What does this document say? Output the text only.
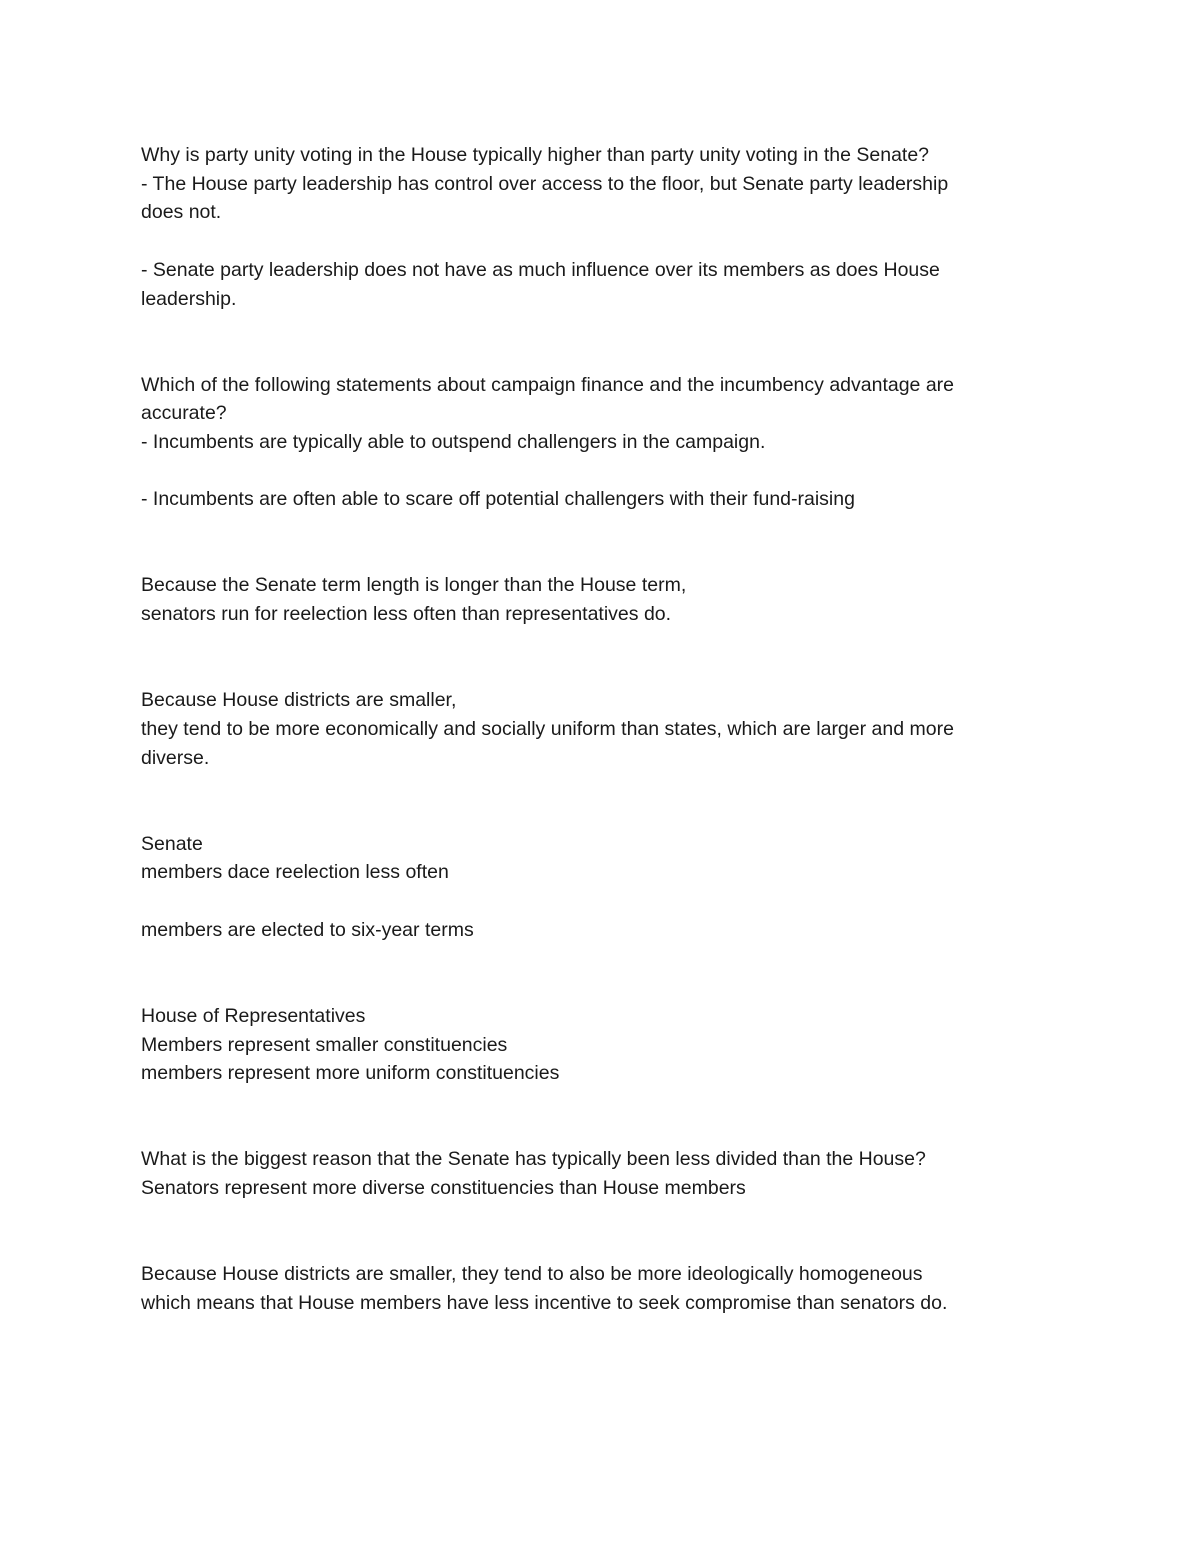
Why is party unity voting in the House typically higher than party unity voting in the Senate?
- The House party leadership has control over access to the floor, but Senate party leadership
does not.
- Senate party leadership does not have as much influence over its members as does House
leadership.
Which of the following statements about campaign finance and the incumbency advantage are
accurate?
- Incumbents are typically able to outspend challengers in the campaign.
- Incumbents are often able to scare off potential challengers with their fund-raising
Because the Senate term length is longer than the House term,
senators run for reelection less often than representatives do.
Because House districts are smaller,
they tend to be more economically and socially uniform than states, which are larger and more
diverse.
Senate
members dace reelection less often
members are elected to six-year terms
House of Representatives
Members represent smaller constituencies
members represent more uniform constituencies
What is the biggest reason that the Senate has typically been less divided than the House?
Senators represent more diverse constituencies than House members
Because House districts are smaller, they tend to also be more ideologically homogeneous
which means that House members have less incentive to seek compromise than senators do.
